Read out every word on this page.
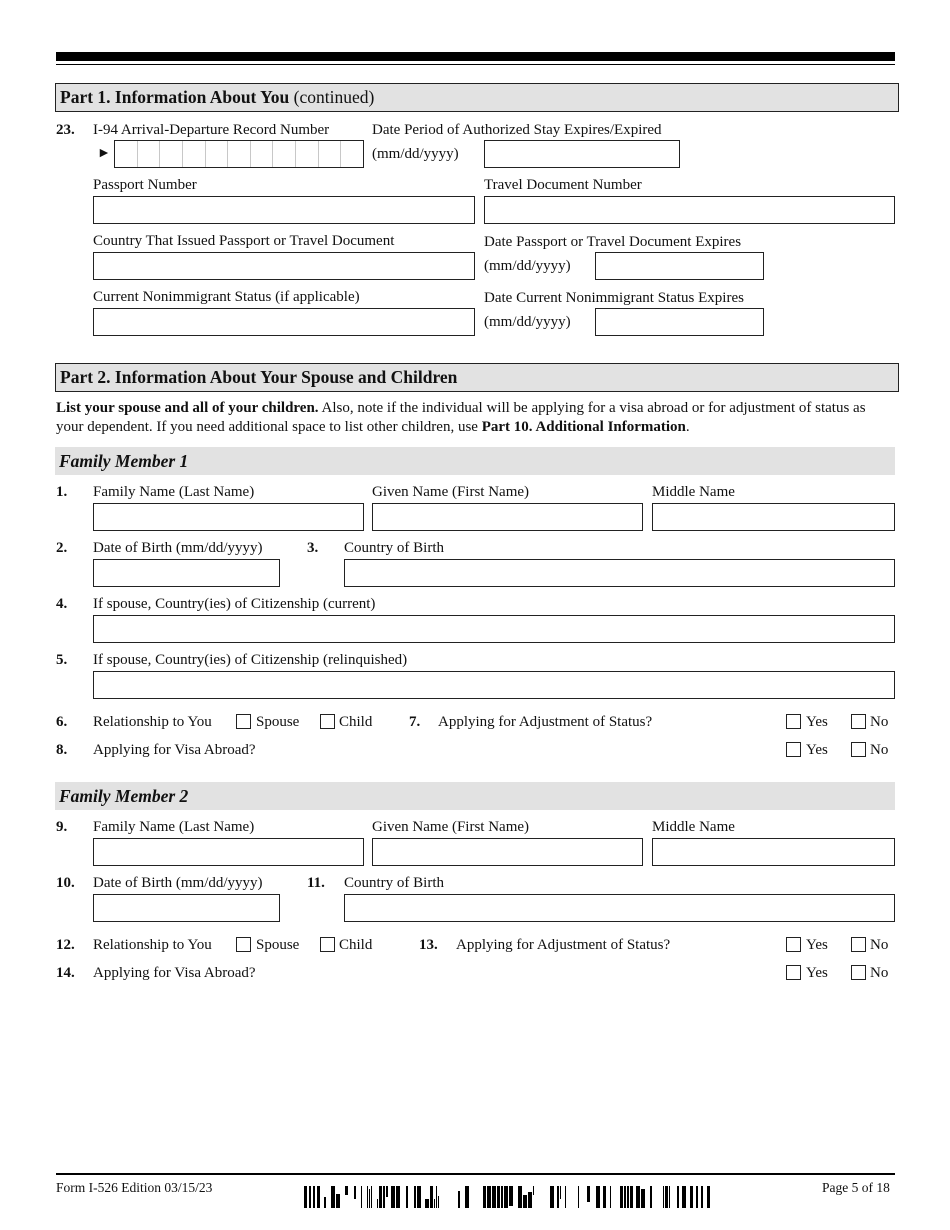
Part 1. Information About You (continued)
23. I-94 Arrival-Departure Record Number
►
Date Period of Authorized Stay Expires/Expired
(mm/dd/yyyy)
Passport Number	Travel Document Number
Country That Issued Passport or Travel Document	Date Passport or Travel Document Expires
(mm/dd/yyyy)
Current Nonimmigrant Status (if applicable)	Date Current Nonimmigrant Status Expires
(mm/dd/yyyy)
Part 2. Information About Your Spouse and Children
List your spouse and all of your children. Also, note if the individual will be applying for a visa abroad or for adjustment of status as your dependent. If you need additional space to list other children, use Part 10. Additional Information.
Family Member 1
1. Family Name (Last Name)	Given Name (First Name)	Middle Name
2. Date of Birth (mm/dd/yyyy)	3. Country of Birth
4. If spouse, Country(ies) of Citizenship (current)
5. If spouse, Country(ies) of Citizenship (relinquished)
6. Relationship to You	Spouse	Child 7. Applying for Adjustment of Status?	Yes	No
8. Applying for Visa Abroad?	Yes	No
Family Member 2
9. Family Name (Last Name)	Given Name (First Name)	Middle Name
10. Date of Birth (mm/dd/yyyy)	11. Country of Birth
12. Relationship to You	Spouse	Child	13. Applying for Adjustment of Status?	Yes	No
14. Applying for Visa Abroad?	Yes	No
Form I-526 Edition 03/15/23	Page 5 of 18
